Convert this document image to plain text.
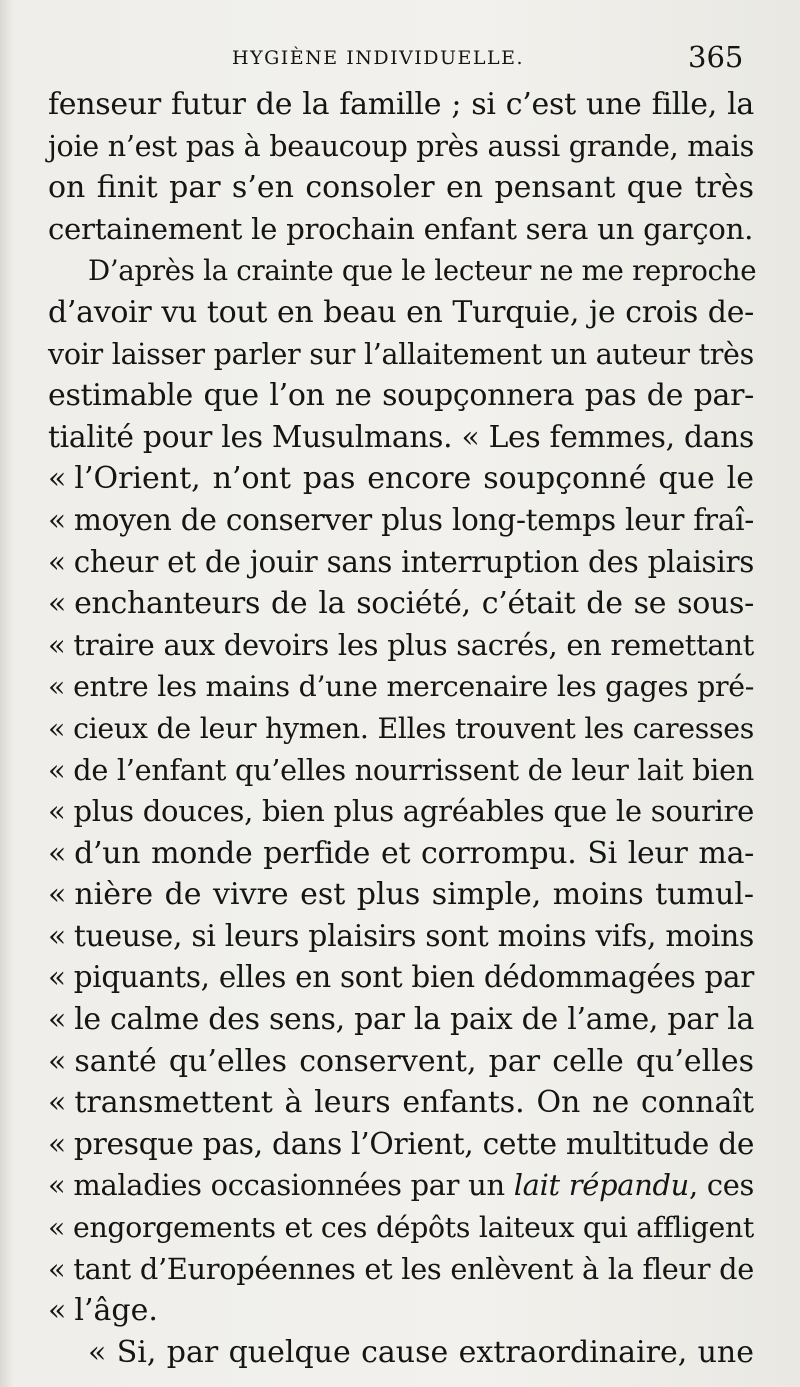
HYGIÈNE INDIVIDUELLE.	365
fenseur futur de la famille ; si c’est une fille, la
joie n’est pas à beaucoup près aussi grande, mais
on finit par s’en consoler en pensant que très
certainement le prochain enfant sera un garçon.
D’après la crainte que le lecteur ne me reproche
d’avoir vu tout en beau en Turquie, je crois de-
voir laisser parler sur l’allaitement un auteur très
estimable que l’on ne soupçonnera pas de par-
tialité pour les Musulmans. « Les femmes, dans
« l’Orient, n’ont pas encore soupçonné que le
« moyen de conserver plus long-temps leur fraî-
« cheur et de jouir sans interruption des plaisirs
« enchanteurs de la société, c’était de se sous-
« traire aux devoirs les plus sacrés, en remettant
« entre les mains d’une mercenaire les gages pré-
« cieux de leur hymen. Elles trouvent les caresses
« de l’enfant qu’elles nourrissent de leur lait bien
« plus douces, bien plus agréables que le sourire
« d’un monde perfide et corrompu. Si leur ma-
« nière de vivre est plus simple, moins tumul-
« tueuse, si leurs plaisirs sont moins vifs, moins
« piquants, elles en sont bien dédommagées par
« le calme des sens, par la paix de l’ame, par la
« santé qu’elles conservent, par celle qu’elles
« transmettent à leurs enfants. On ne connaît
« presque pas, dans l’Orient, cette multitude de
« maladies occasionnées par un lait répandu, ces
« engorgements et ces dépôts laiteux qui affligent
« tant d’Européennes et les enlèvent à la fleur de
« l’âge.
« Si, par quelque cause extraordinaire, une
